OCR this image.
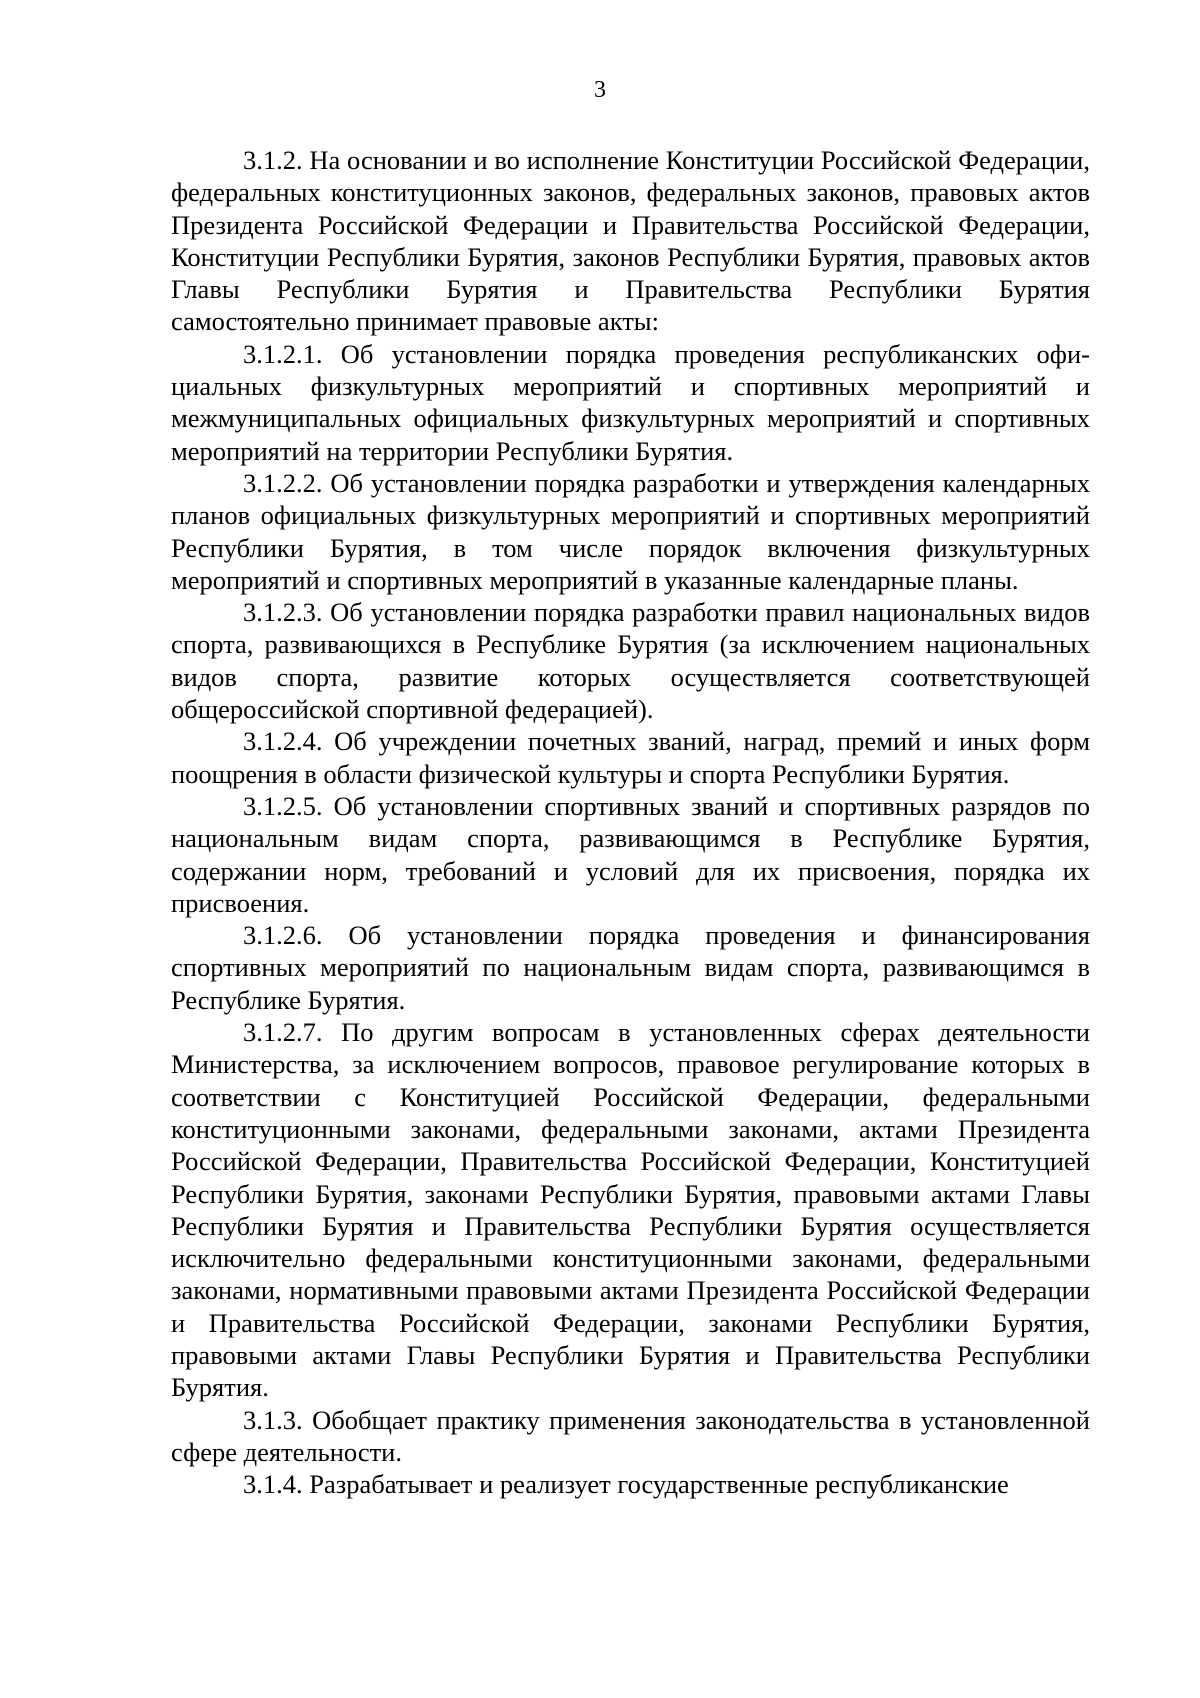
3

3.1.2. На основании и во исполнение Конституции Российской Федерации, федеральных конституционных законов, федеральных законов, правовых актов Президента Российской Федерации и Правительства Российской Федерации, Конституции Республики Бурятия, законов Республики Бурятия, правовых актов Главы Республики Бурятия и Правительства Республики Бурятия самостоятельно принимает правовые акты:

3.1.2.1. Об установлении порядка проведения республиканских официальных физкультурных мероприятий и спортивных мероприятий и межмуниципальных официальных физкультурных мероприятий и спортивных мероприятий на территории Республики Бурятия.

3.1.2.2. Об установлении порядка разработки и утверждения календарных планов официальных физкультурных мероприятий и спортивных мероприятий Республики Бурятия, в том числе порядок включения физкультурных мероприятий и спортивных мероприятий в указанные календарные планы.

3.1.2.3. Об установлении порядка разработки правил национальных видов спорта, развивающихся в Республике Бурятия (за исключением национальных видов спорта, развитие которых осуществляется соответствующей общероссийской спортивной федерацией).

3.1.2.4. Об учреждении почетных званий, наград, премий и иных форм поощрения в области физической культуры и спорта Республики Бурятия.

3.1.2.5. Об установлении спортивных званий и спортивных разрядов по национальным видам спорта, развивающимся в Республике Бурятия, содержании норм, требований и условий для их присвоения, порядка их присвоения.

3.1.2.6. Об установлении порядка проведения и финансирования спортивных мероприятий по национальным видам спорта, развивающимся в Республике Бурятия.

3.1.2.7. По другим вопросам в установленных сферах деятельности Министерства, за исключением вопросов, правовое регулирование которых в соответствии с Конституцией Российской Федерации, федеральными конституционными законами, федеральными законами, актами Президента Российской Федерации, Правительства Российской Федерации, Конституцией Республики Бурятия, законами Республики Бурятия, правовыми актами Главы Республики Бурятия и Правительства Республики Бурятия осуществляется исключительно федеральными конституционными законами, федеральными законами, нормативными правовыми актами Президента Российской Федерации и Правительства Российской Федерации, законами Республики Бурятия, правовыми актами Главы Республики Бурятия и Правительства Республики Бурятия.

3.1.3. Обобщает практику применения законодательства в установленной сфере деятельности.

3.1.4. Разрабатывает и реализует государственные республиканские
